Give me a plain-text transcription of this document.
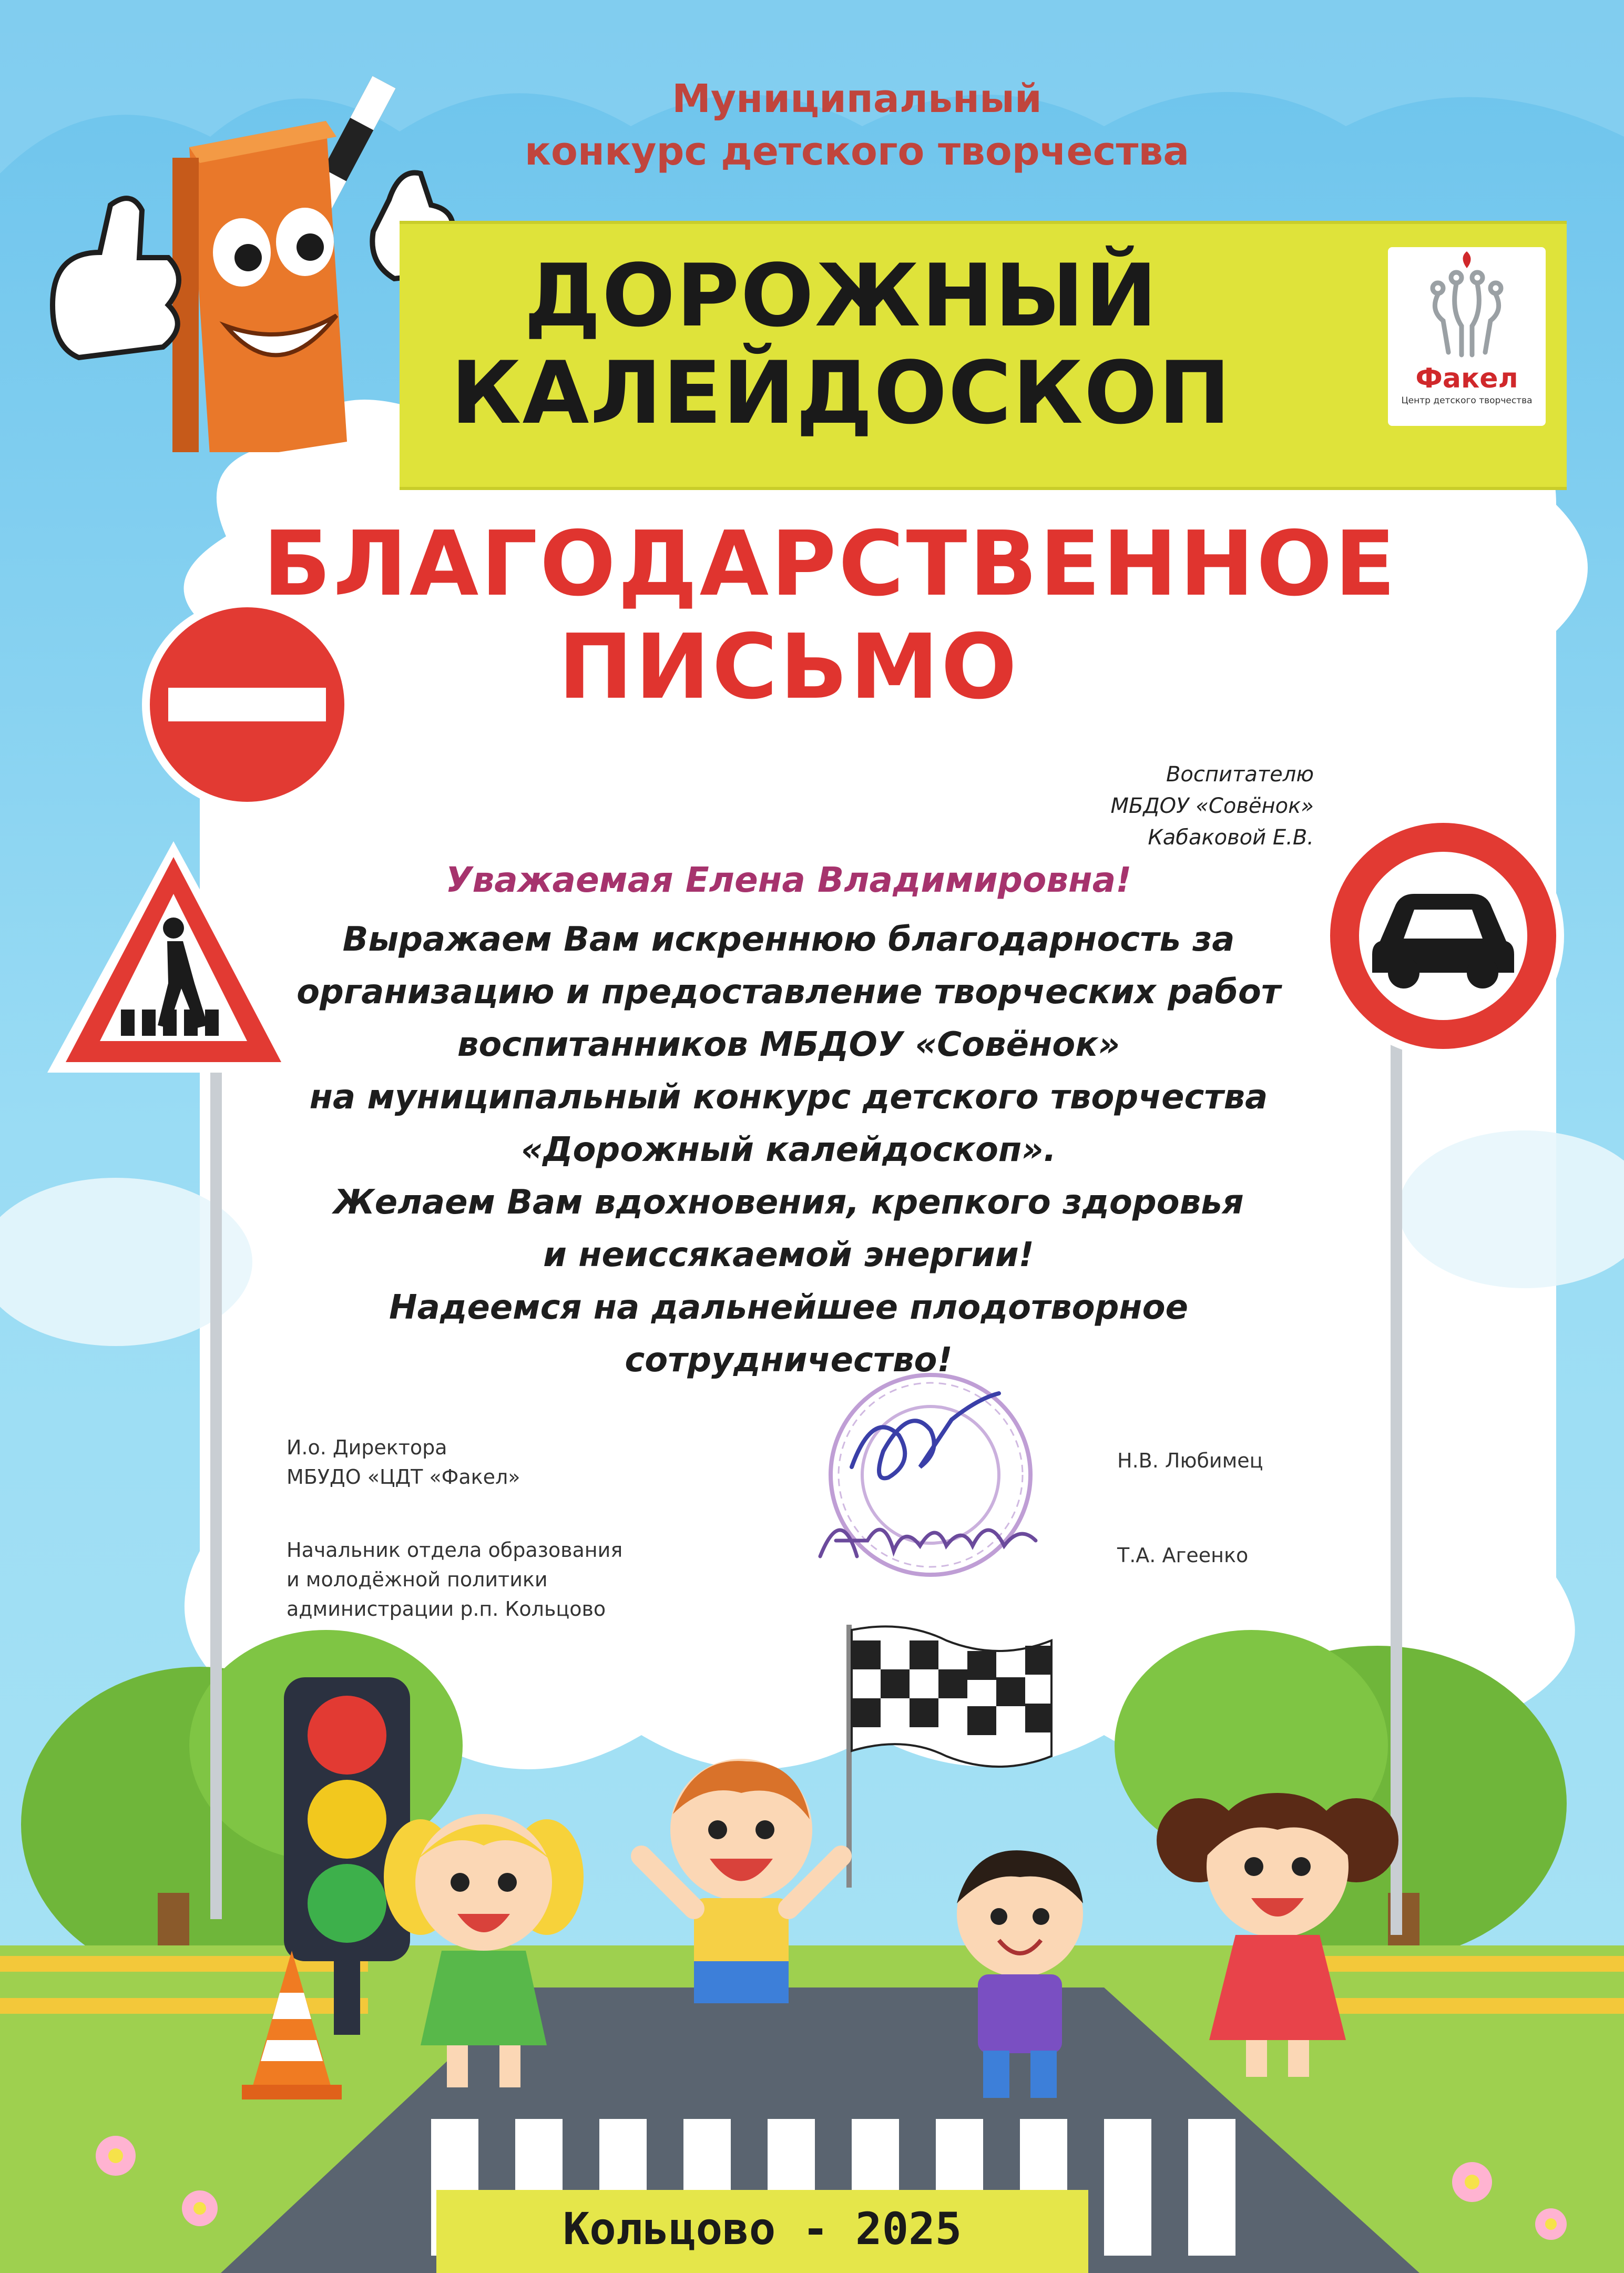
Муниципальный
конкурс детского творчества
ДОРОЖНЫЙ
КАЛЕЙДОСКОП	Факел
Центр детского творчества
БЛАГОДАРСТВЕННОЕ
ПИСЬМО
Воспитателю
МБДОУ «Совёнок»
Кабаковой Е.В.
Уважаемая Елена Владимировна!
Выражаем Вам искреннюю благодарность за
организацию и предоставление творческих работ
воспитанников МБДОУ «Совёнок»
на муниципальный конкурс детского творчества
«Дорожный калейдоскоп».
Желаем Вам вдохновения, крепкого здоровья
и неиссякаемой энергии!
Надеемся на дальнейшее плодотворное
сотрудничество!
И.о. Директора
МБУДО «ЦДТ «Факел»
Н.В. Любимец
Начальник отдела образования
и молодёжной политики
администрации р.п. Кольцово
Т.А. Агеенко
Кольцово - 2025
